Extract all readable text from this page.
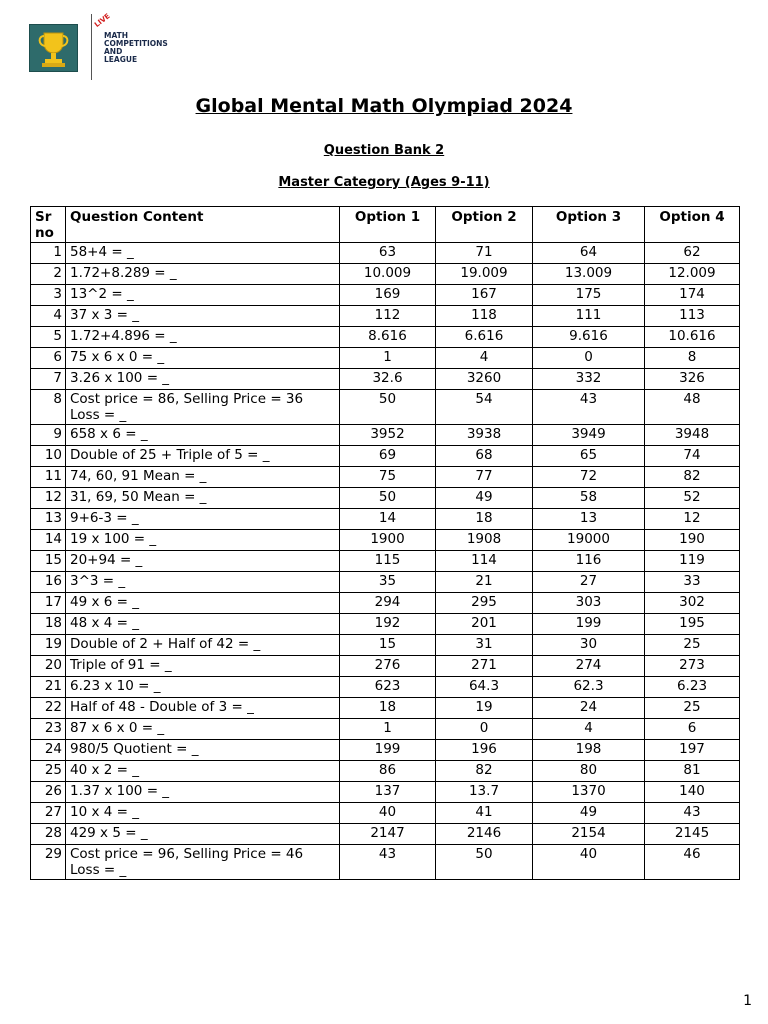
LIVE
MATH
COMPETITIONS
AND
LEAGUE
Global Mental Math Olympiad 2024
Question Bank 2
Master Category (Ages 9-11)
Sr no	Question Content	Option 1	Option 2	Option 3	Option 4
1	58+4 = _	63	71	64	62
2	1.72+8.289 = _	10.009	19.009	13.009	12.009
3	13^2 = _	169	167	175	174
4	37 x 3 = _	112	118	111	113
5	1.72+4.896 = _	8.616	6.616	9.616	10.616
6	75 x 6 x 0 = _	1	4	0	8
7	3.26 x 100 = _	32.6	3260	332	326
8	Cost price = 86, Selling Price = 36 Loss = _	50	54	43	48
9	658 x 6 = _	3952	3938	3949	3948
10	Double of 25 + Triple of 5 = _	69	68	65	74
11	74, 60, 91 Mean = _	75	77	72	82
12	31, 69, 50 Mean = _	50	49	58	52
13	9+6-3 = _	14	18	13	12
14	19 x 100 = _	1900	1908	19000	190
15	20+94 = _	115	114	116	119
16	3^3 = _	35	21	27	33
17	49 x 6 = _	294	295	303	302
18	48 x 4 = _	192	201	199	195
19	Double of 2 + Half of 42 = _	15	31	30	25
20	Triple of 91 = _	276	271	274	273
21	6.23 x 10 = _	623	64.3	62.3	6.23
22	Half of 48 - Double of 3 = _	18	19	24	25
23	87 x 6 x 0 = _	1	0	4	6
24	980/5 Quotient = _	199	196	198	197
25	40 x 2 = _	86	82	80	81
26	1.37 x 100 = _	137	13.7	1370	140
27	10 x 4 = _	40	41	49	43
28	429 x 5 = _	2147	2146	2154	2145
29	Cost price = 96, Selling Price = 46 Loss = _	43	50	40	46
1
